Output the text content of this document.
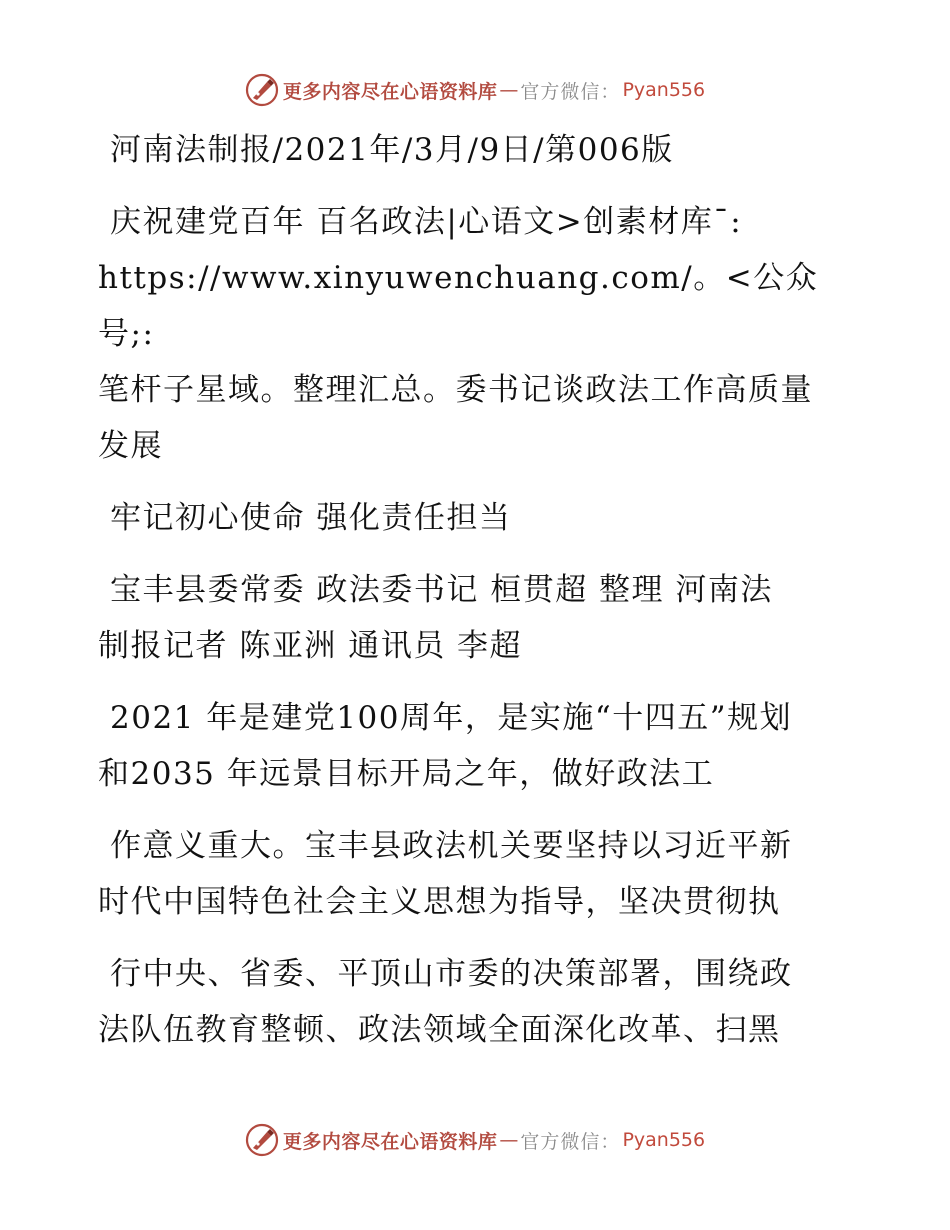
更多内容尽在心语资料库 — 官方微信： Pyan556

河南法制报/2021年/3月/9日/第006版

庆祝建党百年 百名政法|心语文>创素材库¯:
https://www.xinyuwenchuang.com/。<公众号;:
笔杆子星域。整理汇总。委书记谈政法工作高质量
发展

牢记初心使命 强化责任担当

宝丰县委常委 政法委书记 桓贯超 整理 河南法
制报记者 陈亚洲 通讯员 李超

2021 年是建党100周年，是实施“十四五”规划
和2035 年远景目标开局之年，做好政法工

作意义重大。宝丰县政法机关要坚持以习近平新
时代中国特色社会主义思想为指导，坚决贯彻执

行中央、省委、平顶山市委的决策部署，围绕政
法队伍教育整顿、政法领域全面深化改革、扫黑

更多内容尽在心语资料库 — 官方微信： Pyan556
